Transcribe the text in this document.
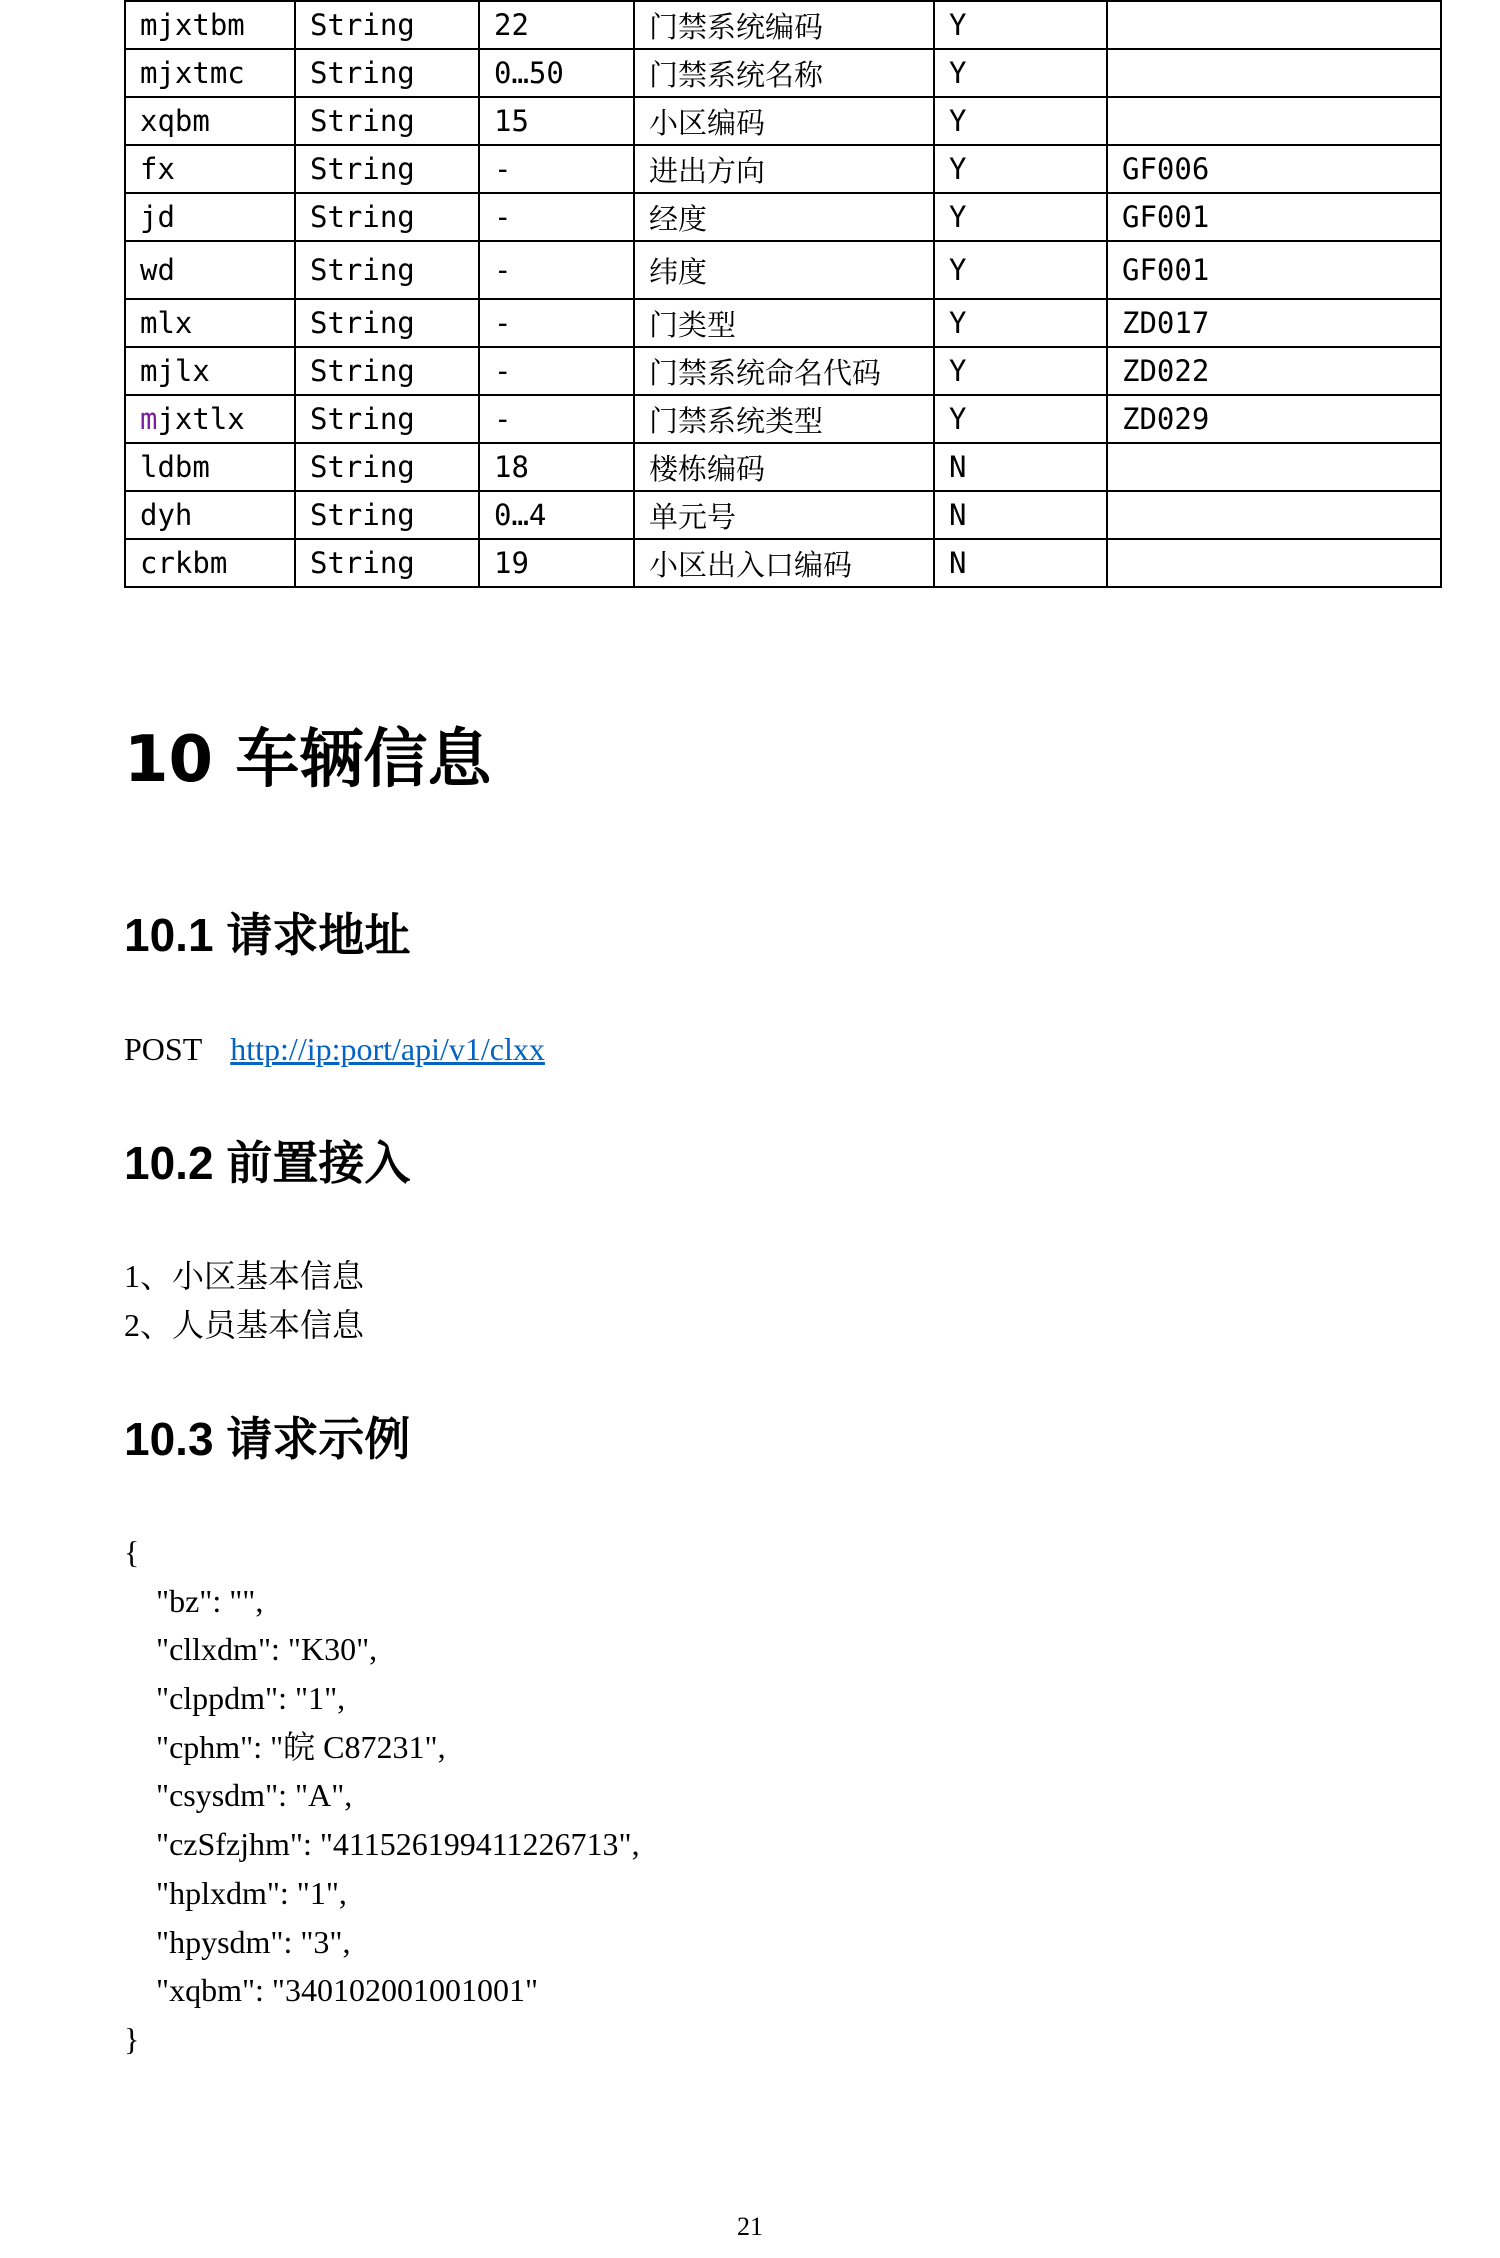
mjxtbm	String	22	门禁系统编码	Y	
mjxtmc	String	0…50	门禁系统名称	Y	
xqbm	String	15	小区编码	Y	
fx	String	-	进出方向	Y	GF006
jd	String	-	经度	Y	GF001
wd	String	-	纬度	Y	GF001
mlx	String	-	门类型	Y	ZD017
mjlx	String	-	门禁系统命名代码	Y	ZD022
mjxtlx	String	-	门禁系统类型	Y	ZD029
ldbm	String	18	楼栋编码	N	
dyh	String	0…4	单元号	N	
crkbm	String	19	小区出入口编码	N	
10 车辆信息
10.1 请求地址
POST http://ip:port/api/v1/clxx
10.2 前置接入
1、小区基本信息
2、人员基本信息
10.3 请求示例
{
"bz": "",
"cllxdm": "K30",
"clppdm": "1",
"cphm": "皖 C87231",
"csysdm": "A",
"czSfzjhm": "411526199411226713",
"hplxdm": "1",
"hpysdm": "3",
"xqbm": "340102001001001"
}
21
